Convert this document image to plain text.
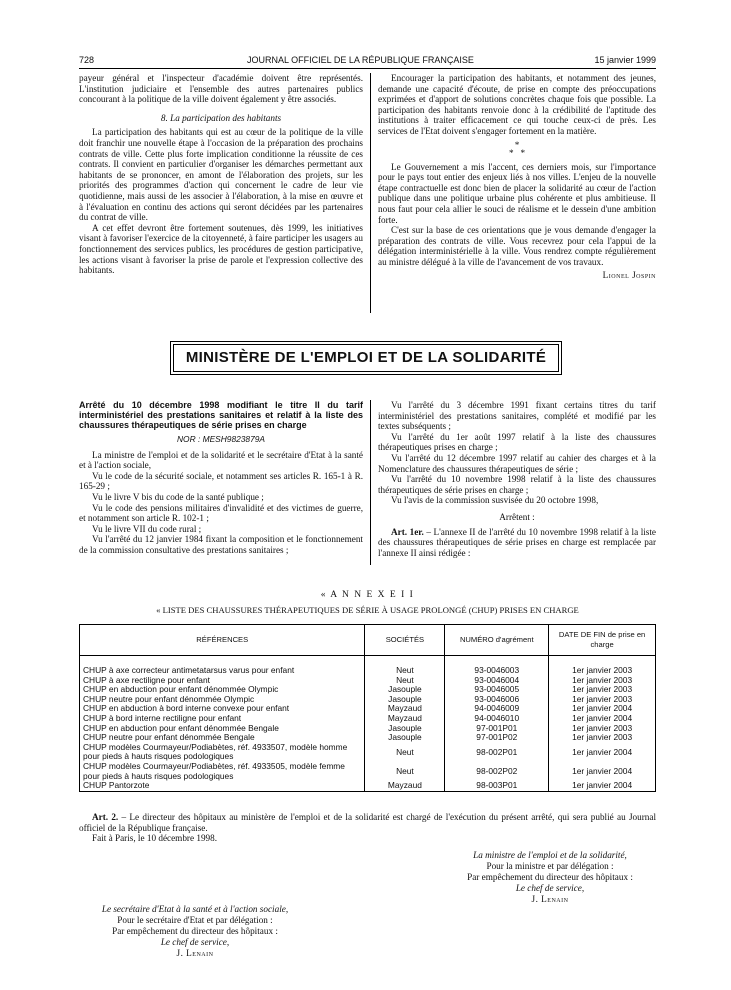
728	JOURNAL OFFICIEL DE LA RÉPUBLIQUE FRANÇAISE	15 janvier 1999

payeur général et l'inspecteur d'académie doivent être représentés. L'institution judiciaire et l'ensemble des autres partenaires publics concourant à la politique de la ville doivent également y être associés.

8. La participation des habitants

La participation des habitants qui est au cœur de la politique de la ville doit franchir une nouvelle étape à l'occasion de la préparation des prochains contrats de ville. Cette plus forte implication conditionne la réussite de ces contrats. Il convient en particulier d'organiser les démarches permettant aux habitants de se prononcer, en amont de l'élaboration des projets, sur les priorités des programmes d'action qui concernent le cadre de leur vie quotidienne, mais aussi de les associer à l'élaboration, à la mise en œuvre et à l'évaluation en continu des actions qui seront décidées par les partenaires du contrat de ville.

A cet effet devront être fortement soutenues, dès 1999, les initiatives visant à favoriser l'exercice de la citoyenneté, à faire participer les usagers au fonctionnement des services publics, les procédures de gestion participative, les actions visant à favoriser la prise de parole et l'expression collective des habitants.

Encourager la participation des habitants, et notamment des jeunes, demande une capacité d'écoute, de prise en compte des préoccupations exprimées et d'apport de solutions concrètes chaque fois que possible. La participation des habitants renvoie donc à la crédibilité de l'aptitude des institutions à traiter efficacement ce qui touche ceux-ci de près. Les services de l'Etat doivent s'engager fortement en la matière.

*

*   *

Le Gouvernement a mis l'accent, ces derniers mois, sur l'importance pour le pays tout entier des enjeux liés à nos villes. L'enjeu de la nouvelle étape contractuelle est donc bien de placer la solidarité au cœur de l'action publique dans une politique urbaine plus cohérente et plus ambitieuse. Il nous faut pour cela allier le souci de réalisme et le dessein d'une ambition forte.

C'est sur la base de ces orientations que je vous demande d'engager la préparation des contrats de ville. Vous recevrez pour cela l'appui de la délégation interministérielle à la ville. Vous rendrez compte régulièrement au ministre délégué à la ville de l'avancement de vos travaux.

Lionel Jospin

MINISTÈRE DE L'EMPLOI ET DE LA SOLIDARITÉ

Arrêté du 10 décembre 1998 modifiant le titre II du tarif interministériel des prestations sanitaires et relatif à la liste des chaussures thérapeutiques de série prises en charge

NOR : MESH9823879A

La ministre de l'emploi et de la solidarité et le secrétaire d'Etat à la santé et à l'action sociale,

Vu le code de la sécurité sociale, et notamment ses articles R. 165-1 à R. 165-29 ;

Vu le livre V bis du code de la santé publique ;

Vu le code des pensions militaires d'invalidité et des victimes de guerre, et notamment son article R. 102-1 ;

Vu le livre VII du code rural ;

Vu l'arrêté du 12 janvier 1984 fixant la composition et le fonctionnement de la commission consultative des prestations sanitaires ;

Vu l'arrêté du 3 décembre 1991 fixant certains titres du tarif interministériel des prestations sanitaires, complété et modifié par les textes subséquents ;

Vu l'arrêté du 1er août 1997 relatif à la liste des chaussures thérapeutiques prises en charge ;

Vu l'arrêté du 12 décembre 1997 relatif au cahier des charges et à la Nomenclature des chaussures thérapeutiques de série ;

Vu l'arrêté du 10 novembre 1998 relatif à la liste des chaussures thérapeutiques de série prises en charge ;

Vu l'avis de la commission susvisée du 20 octobre 1998,

Arrêtent :

Art. 1er. – L'annexe II de l'arrêté du 10 novembre 1998 relatif à la liste des chaussures thérapeutiques de série prises en charge est remplacée par l'annexe II ainsi rédigée :

« A N N E X E I I
« LISTE DES CHAUSSURES THÉRAPEUTIQUES DE SÉRIE À USAGE PROLONGÉ (CHUP) PRISES EN CHARGE
RÉFÉRENCES	SOCIÉTÉS	NUMÉRO d'agrément	DATE DE FIN de prise en charge

CHUP à axe correcteur antimetatarsus varus pour enfant	Neut	93-0046003	1er janvier 2003
CHUP à axe rectiligne pour enfant	Neut	93-0046004	1er janvier 2003
CHUP en abduction pour enfant dénommée Olympic	Jasouple	93-0046005	1er janvier 2003
CHUP neutre pour enfant dénommée Olympic	Jasouple	93-0046006	1er janvier 2003
CHUP en abduction à bord interne convexe pour enfant	Mayzaud	94-0046009	1er janvier 2004
CHUP à bord interne rectiligne pour enfant	Mayzaud	94-0046010	1er janvier 2004
CHUP en abduction pour enfant dénommée Bengale	Jasouple	97-001P01	1er janvier 2003
CHUP neutre pour enfant dénommée Bengale	Jasouple	97-001P02	1er janvier 2003
CHUP modèles Courmayeur/Podiabètes, réf. 4933507, modèle homme pour pieds à hauts risques podologiques	Neut	98-002P01	1er janvier 2004
CHUP modèles Courmayeur/Podiabètes, réf. 4933505, modèle femme pour pieds à hauts risques podologiques	Neut	98-002P02	1er janvier 2004
CHUP Pantorzote	Mayzaud	98-003P01	1er janvier 2004

Art. 2. – Le directeur des hôpitaux au ministère de l'emploi et de la solidarité est chargé de l'exécution du présent arrêté, qui sera publié au Journal officiel de la République française.

Fait à Paris, le 10 décembre 1998.

La ministre de l'emploi et de la solidarité,
Pour la ministre et par délégation :
Par empêchement du directeur des hôpitaux :
Le chef de service,
J. Lenain
Le secrétaire d'Etat à la santé et à l'action sociale,
Pour le secrétaire d'Etat et par délégation :
Par empêchement du directeur des hôpitaux :
Le chef de service,
J. Lenain
